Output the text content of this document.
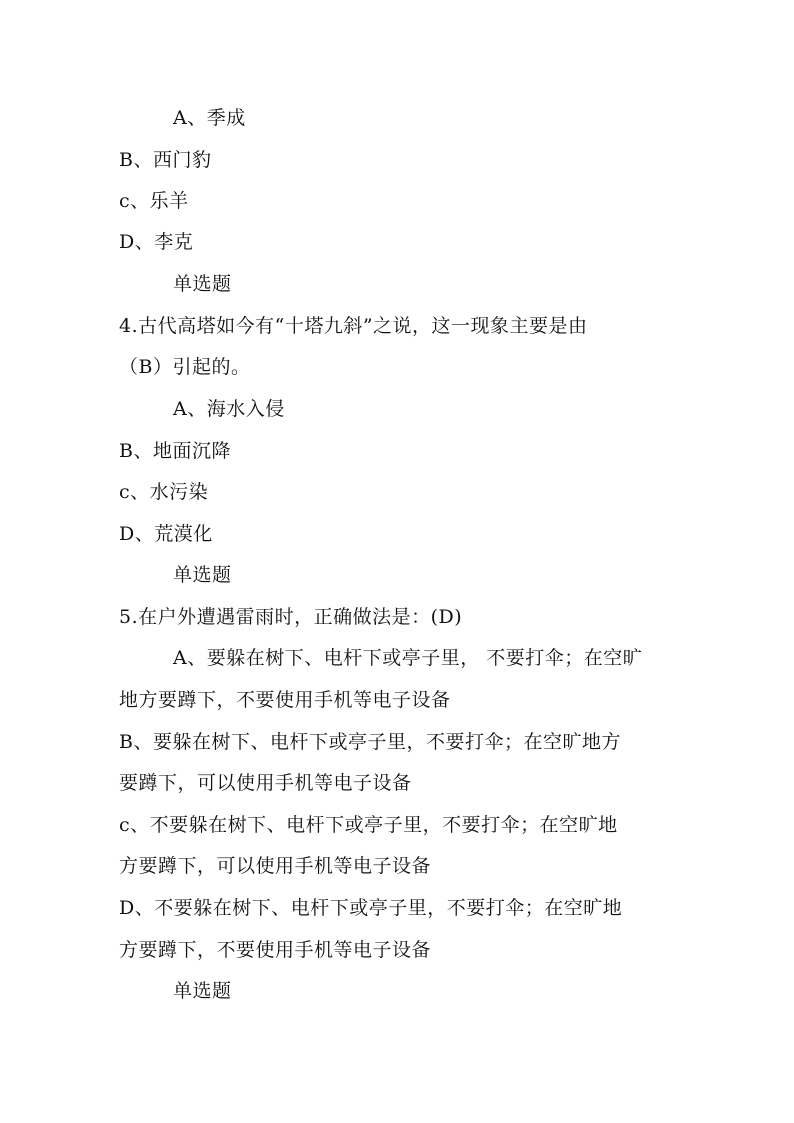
A、季成
B、西门豹
c、乐羊
D、李克
单选题
4.古代高塔如今有“十塔九斜”之说，这一现象主要是由
（B）引起的。
A、海水入侵
B、地面沉降
c、水污染
D、荒漠化
单选题
5.在户外遭遇雷雨时，正确做法是：(D)
A、要躲在树下、电杆下或亭子里， 不要打伞；在空旷
地方要蹲下，不要使用手机等电子设备
B、要躲在树下、电杆下或亭子里，不要打伞；在空旷地方
要蹲下，可以使用手机等电子设备
c、不要躲在树下、电杆下或亭子里，不要打伞；在空旷地
方要蹲下，可以使用手机等电子设备
D、不要躲在树下、电杆下或亭子里，不要打伞；在空旷地
方要蹲下，不要使用手机等电子设备
单选题
